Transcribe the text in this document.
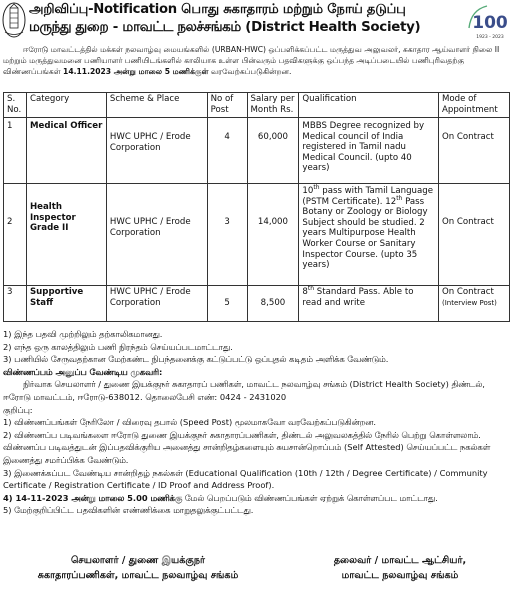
அறிவிப்பு-Notification பொது சுகாதாரம் மற்றும் நோய் தடுப்பு
மருந்து துறை - மாவட்ட நலச்சங்கம் (District Health Society)	100
1923 - 2023
ஈரோடு மாவட்டத்தில் மக்கள் நலவாழ்வு மையங்களில் (URBAN-HWC) ஒப்பளிக்கப்பட்ட மருத்துவ அலுவலர், சுகாதார ஆய்வாளர் நிலை II மற்றும் மருத்துவமனை பணியாளர் பணியிடங்களில் காலியாக உள்ள பின்வரும் பதவிகளுக்கு ஒப்பந்த அடிப்படையில் பணிபுரிவதற்கு விண்ணப்பங்கள் 14.11.2023 அன்று மாலை 5 மணிக்குள் வரவேற்கப்படுகின்றன.
S. No.	Category	Scheme & Place	No of Post	Salary per Month Rs.	Qualification	Mode of Appointment
1	Medical Officer	HWC UPHC / Erode Corporation	4	60,000	MBBS Degree recognized by Medical council of India registered in Tamil nadu Medical Council. (upto 40 years)	On Contract
2	Health Inspector Grade II	HWC UPHC / Erode Corporation	3	14,000	10th pass with Tamil Language (PSTM Certificate). 12th Pass Botany or Zoology or Biology Subject should be studied. 2 years Multipurpose Health Worker Course or Sanitary Inspector Course. (upto 35 years)	On Contract
3	Supportive Staff	HWC UPHC / Erode Corporation	5	8,500	8th Standard Pass. Able to read and write	On Contract
(Interview Post)

1) இந்த பதவி முற்றிலும் தற்காலிகமானது.

2) எந்த ஒரு காலத்திலும் பணி நிரந்தம் செய்யப்படமாட்டாது.

3) பணியில் சேருவதற்கான மேற்கண்ட நிபந்தனைக்கு கட்டுப்பட்டு ஒப்புதல் கடிதம் அளிக்க வேண்டும்.

விண்ணப்பம் அனுப்ப வேண்டிய முகவரி:

நிர்வாக செயலாளர் / துணை இயக்குநர் சுகாதாரப் பணிகள், மாவட்ட நலவாழ்வு சங்கம் (District Health Society) திண்டல், ஈரோடு மாவட்டம், ஈரோடு-638012. தொலைபேசி எண்: 0424 - 2431020

குறிப்பு:

1) விண்ணப்பங்கள் நேரிலோ / விரைவு தபால் (Speed Post) மூலமாகவோ வரவேற்கப்படுகின்றன.

2) விண்ணப்ப படிவங்களை ஈரோடு துணை இயக்குநர் சுகாதாரப்பணிகள், திண்டல் அலுவலகத்தில் நேரில் பெற்று கொள்ளலாம். விண்ணப்ப படிவத்துடன் இப்பதவிக்குரிய அனைத்து சான்றிதழ்களையும் சுயசான்றொப்பம் (Self Attested) செய்யப்பட்ட நகல்கள் இணைத்து சமர்ப்பிக்க வேண்டும்.

3) இணைக்கப்பட வேண்டிய சான்றிதழ் நகல்கள் (Educational Qualification (10th / 12th / Degree Certificate) / Community Certificate / Registration Certificate / ID Proof and Address Proof).

4) 14-11-2023 அன்று மாலை 5.00 மணிக்கு மேல் பெறப்படும் விண்ணப்பங்கள் ஏற்றுக் கொள்ளப்பட மாட்டாது.

5) மேற்குறிப்பிட்ட பதவிகளின் எண்ணிக்கை மாறுதலுக்குட்பட்டது.

செயலாளர் / துணை இயக்குநர்
சுகாதாரப்பணிகள், மாவட்ட நலவாழ்வு சங்கம்
தலைவர் / மாவட்ட ஆட்சியர்,
மாவட்ட நலவாழ்வு சங்கம்
